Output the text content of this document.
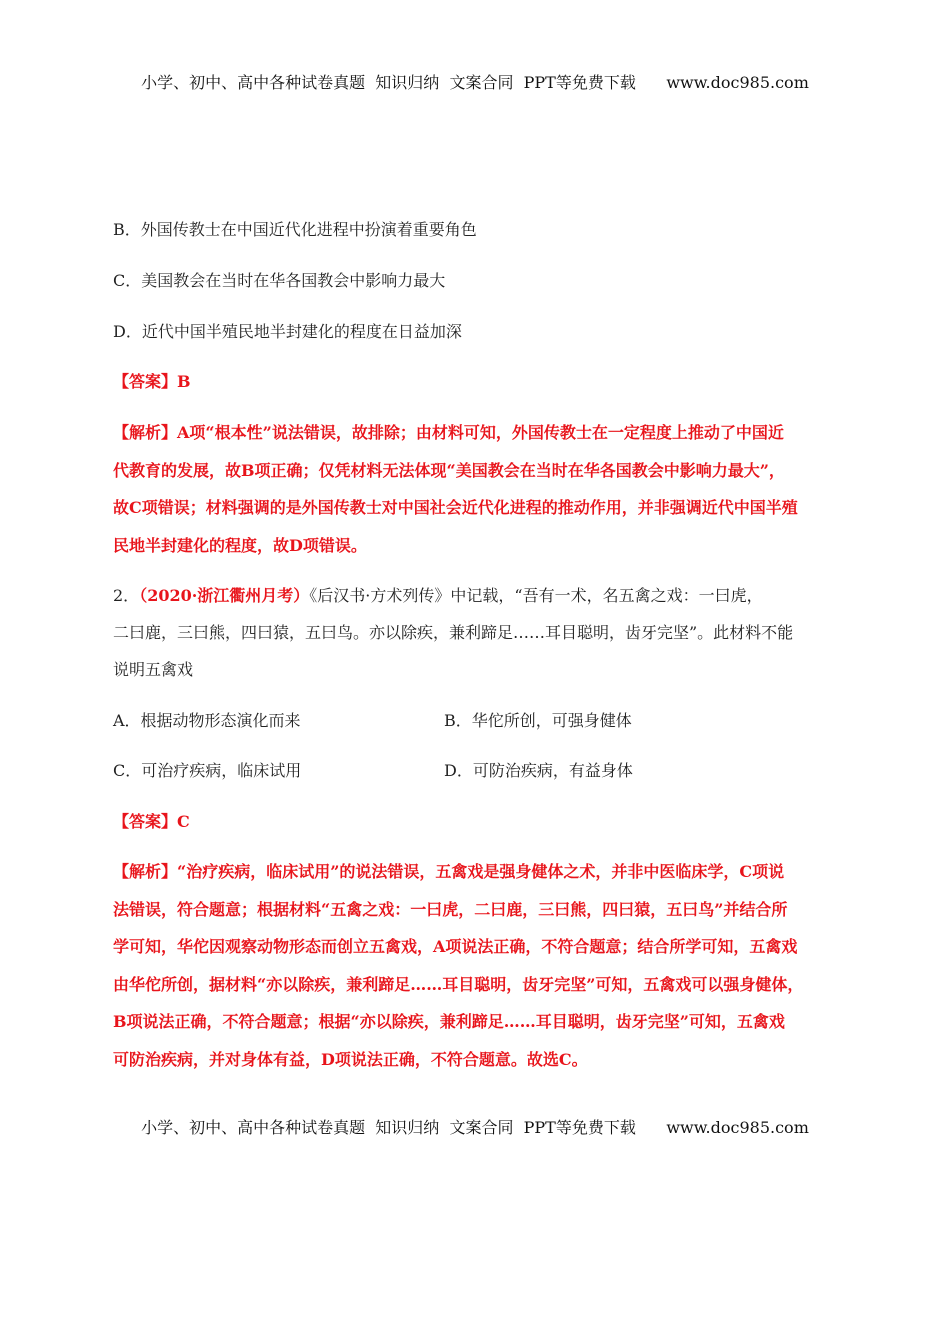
小学、初中、高中各种试卷真题  知识归纳  文案合同  PPT等免费下载      www.doc985.com
B．外国传教士在中国近代化进程中扮演着重要角色
C．美国教会在当时在华各国教会中影响力最大
D．近代中国半殖民地半封建化的程度在日益加深
【答案】B
【解析】A项“根本性”说法错误，故排除；由材料可知，外国传教士在一定程度上推动了中国近
代教育的发展，故B项正确；仅凭材料无法体现“美国教会在当时在华各国教会中影响力最大”，
故C项错误；材料强调的是外国传教士对中国社会近代化进程的推动作用，并非强调近代中国半殖
民地半封建化的程度，故D项错误。
2．（2020·浙江衢州月考）《后汉书·方术列传》中记载，“吾有一术，名五禽之戏：一曰虎，
二曰鹿，三曰熊，四曰猿，五曰鸟。亦以除疾，兼利蹄足……耳目聪明，齿牙完坚”。此材料不能
说明五禽戏
A．根据动物形态演化而来	B．华佗所创，可强身健体
C．可治疗疾病，临床试用	D．可防治疾病，有益身体
【答案】C
【解析】“治疗疾病，临床试用”的说法错误，五禽戏是强身健体之术，并非中医临床学，C项说
法错误，符合题意；根据材料“五禽之戏：一曰虎，二曰鹿，三曰熊，四曰猿，五曰鸟”并结合所
学可知，华佗因观察动物形态而创立五禽戏，A项说法正确，不符合题意；结合所学可知，五禽戏
由华佗所创，据材料“亦以除疾，兼利蹄足……耳目聪明，齿牙完坚”可知，五禽戏可以强身健体，
B项说法正确，不符合题意；根据“亦以除疾，兼利蹄足……耳目聪明，齿牙完坚”可知，五禽戏
可防治疾病，并对身体有益，D项说法正确，不符合题意。故选C。
小学、初中、高中各种试卷真题  知识归纳  文案合同  PPT等免费下载      www.doc985.com
